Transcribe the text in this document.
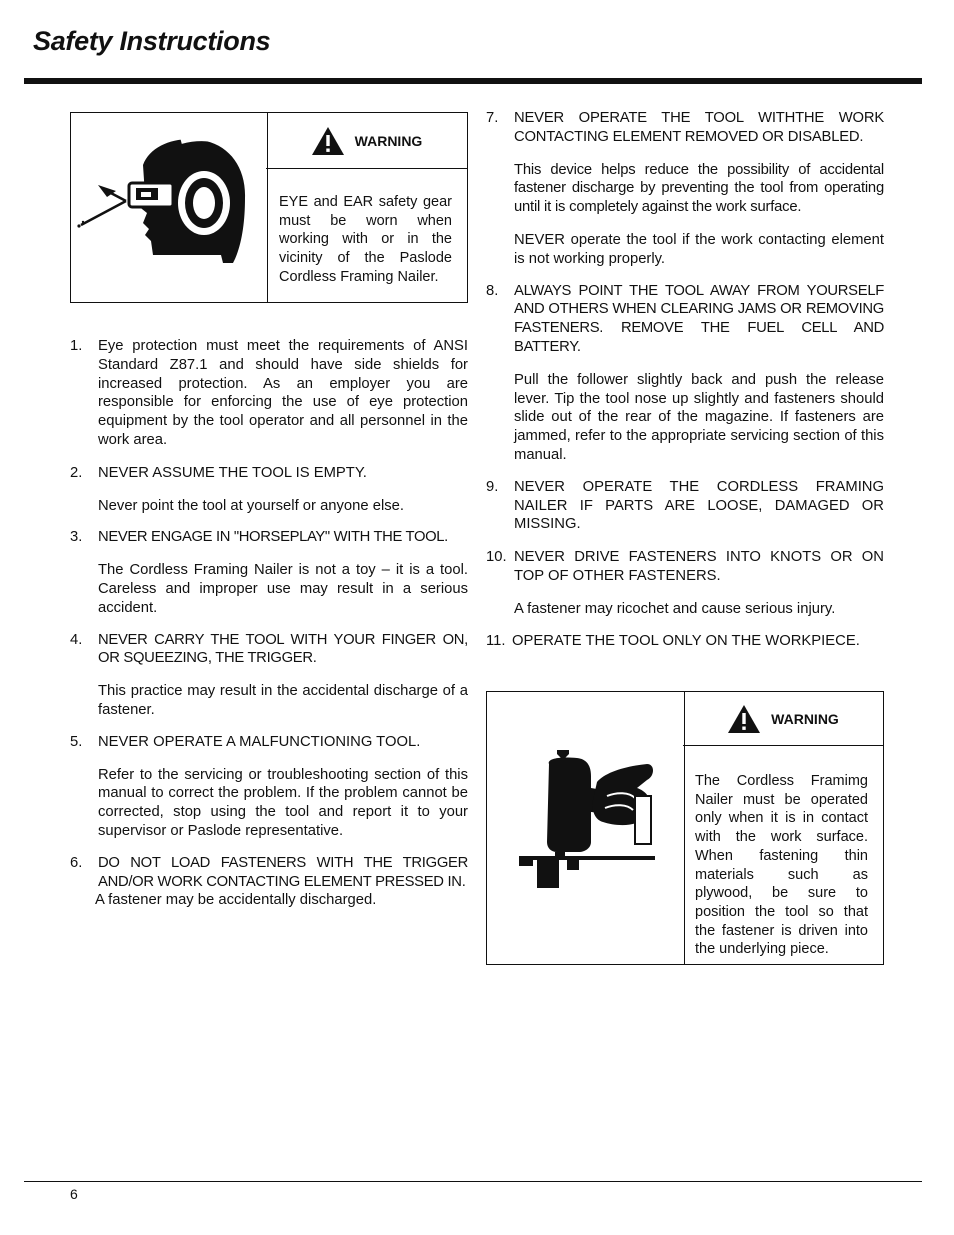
Safety Instructions
WARNING
EYE and EAR safety gear must be worn when working with or in the vicinity of the Paslode Cordless Framing Nailer.
WARNING
The Cordless Framimg Nailer must be operated only when it is in contact with the work surface. When fastening thin materials such as plywood, be sure to position the tool so that the fastener is driven into the underlying piece.
1. Eye protection must meet the requirements of ANSI Standard Z87.1 and should have side shields for increased protection. As an employer you are responsible for enforcing the use of eye protection equipment by the tool operator and all personnel in the work area.
2. NEVER ASSUME THE TOOL IS EMPTY.
Never point the tool at yourself or anyone else.
3. NEVER ENGAGE IN "HORSEPLAY" WITH THE TOOL.
The Cordless Framing Nailer is not a toy – it is a tool. Careless and improper use may result in a serious accident.
4. NEVER CARRY THE TOOL WITH YOUR FINGER ON, OR SQUEEZING, THE TRIGGER.
This practice may result in the accidental discharge of a fastener.
5. NEVER OPERATE A MALFUNCTIONING TOOL.
Refer to the servicing or troubleshooting section of this manual to correct the problem. If the problem cannot be corrected, stop using the tool and report it to your supervisor or Paslode representative.
6. DO NOT LOAD FASTENERS WITH THE TRIGGER AND/OR WORK CONTACTING ELEMENT PRESSED IN.
A fastener may be accidentally discharged.
7. NEVER OPERATE THE TOOL WITHTHE WORK CONTACTING ELEMENT REMOVED OR DISABLED.
This device helps reduce the possibility of accidental fastener discharge by preventing the tool from operating until it is completely against the work surface.
NEVER operate the tool if the work contacting element is not working properly.
8. ALWAYS POINT THE TOOL AWAY FROM YOURSELF AND OTHERS WHEN CLEARING JAMS OR REMOVING FASTENERS. REMOVE THE FUEL CELL AND BATTERY.
Pull the follower slightly back and push the release lever. Tip the tool nose up slightly and fasteners should slide out of the rear of the magazine. If fasteners are jammed, refer to the appropriate servicing section of this manual.
9. NEVER OPERATE THE CORDLESS FRAMING NAILER IF PARTS ARE LOOSE, DAMAGED OR MISSING.
10. NEVER DRIVE FASTENERS INTO KNOTS OR ON TOP OF OTHER FASTENERS.
A fastener may ricochet and cause serious injury.
11. OPERATE THE TOOL ONLY ON THE WORKPIECE.
6
